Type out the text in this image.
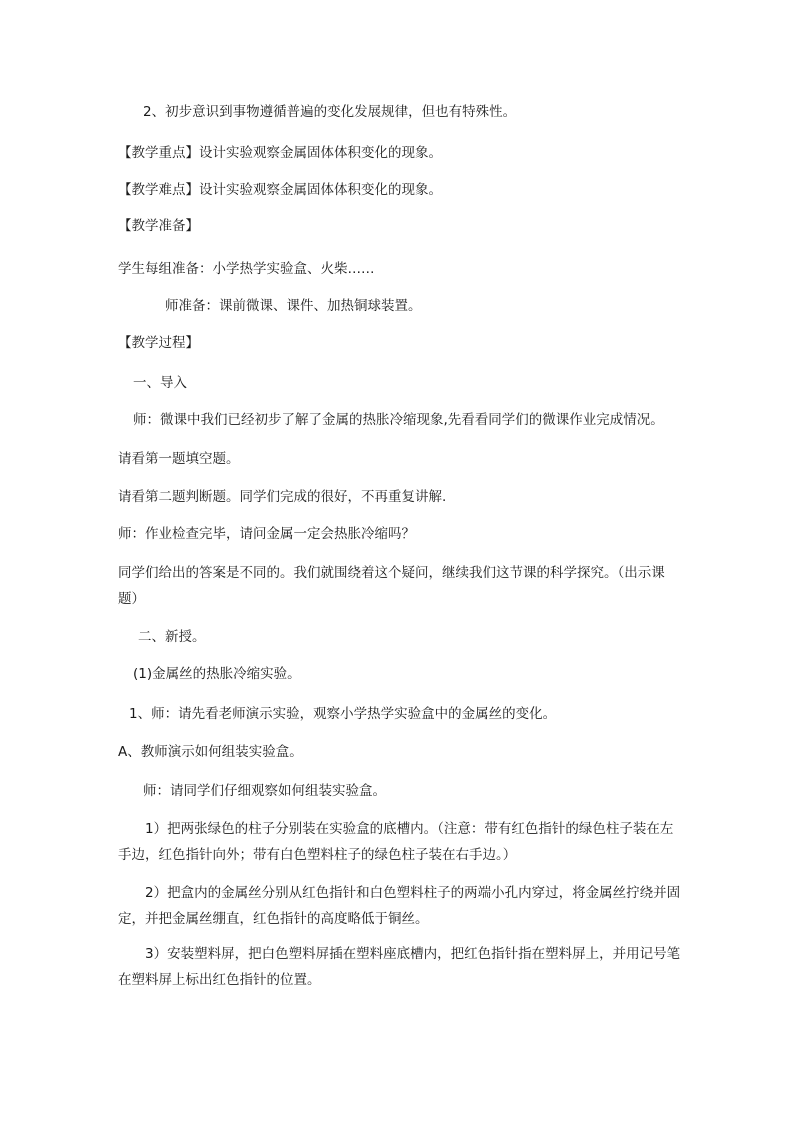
2、初步意识到事物遵循普遍的变化发展规律，但也有特殊性。

【教学重点】设计实验观察金属固体体积变化的现象。

【教学难点】设计实验观察金属固体体积变化的现象。

【教学准备】

学生每组准备：小学热学实验盒、火柴……

师准备：课前微课、课件、加热铜球装置。

【教学过程】

一、导入

师：微课中我们已经初步了解了金属的热胀冷缩现象,先看看同学们的微课作业完成情况。

请看第一题填空题。

请看第二题判断题。同学们完成的很好，不再重复讲解.

师：作业检查完毕，请问金属一定会热胀冷缩吗？

同学们给出的答案是不同的。我们就围绕着这个疑问，继续我们这节课的科学探究。（出示课题）

二、新授。

(1)金属丝的热胀冷缩实验。

1、师：请先看老师演示实验，观察小学热学实验盒中的金属丝的变化。

A、教师演示如何组装实验盒。

师：请同学们仔细观察如何组装实验盒。

1）把两张绿色的柱子分别装在实验盒的底槽内。（注意：带有红色指针的绿色柱子装在左手边，红色指针向外；带有白色塑料柱子的绿色柱子装在右手边。）

2）把盒内的金属丝分别从红色指针和白色塑料柱子的两端小孔内穿过，将金属丝拧绕并固定，并把金属丝绷直，红色指针的高度略低于铜丝。

3）安装塑料屏，把白色塑料屏插在塑料座底槽内，把红色指针指在塑料屏上，并用记号笔在塑料屏上标出红色指针的位置。
